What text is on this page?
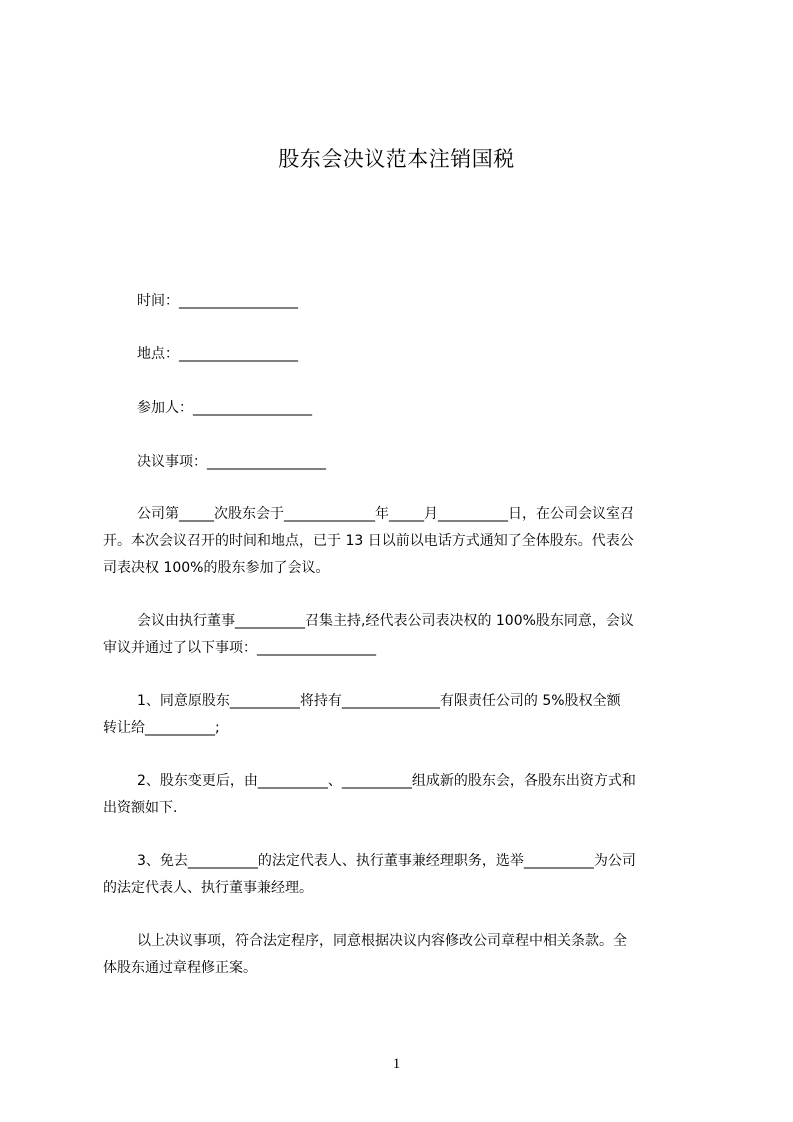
股东会决议范本注销国税
时间：_________________
地点：_________________
参加人：_________________
决议事项：_________________
公司第_____次股东会于_____________年_____月__________日，在公司会议室召
开。本次会议召开的时间和地点，已于 13 日以前以电话方式通知了全体股东。代表公
司表决权 100%的股东参加了会议。
会议由执行董事__________召集主持,经代表公司表决权的 100%股东同意，会议
审议并通过了以下事项：_________________
1、同意原股东__________将持有______________有限责任公司的 5%股权全额
转让给__________;
2、股东变更后，由__________、__________组成新的股东会，各股东出资方式和
出资额如下.
3、免去__________的法定代表人、执行董事兼经理职务，选举__________为公司
的法定代表人、执行董事兼经理。
以上决议事项，符合法定程序，同意根据决议内容修改公司章程中相关条款。全
体股东通过章程修正案。
1
